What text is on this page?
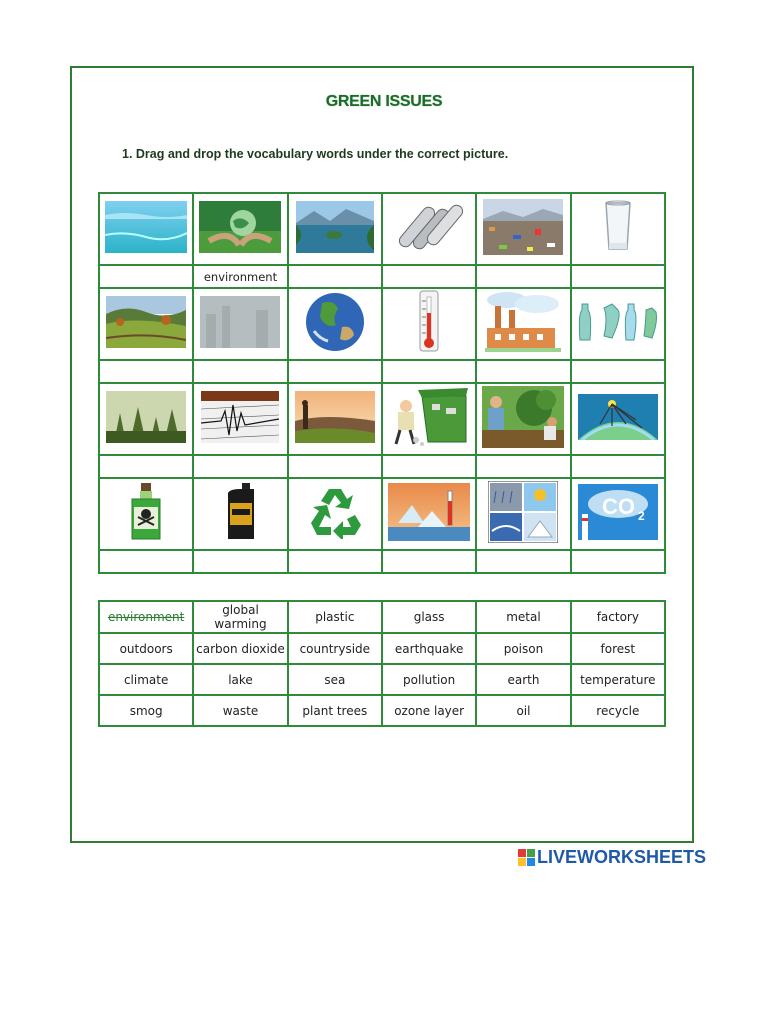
GREEN ISSUES
1. Drag and drop the vocabulary words under the correct picture.

	environment				

CO 2

environment	global warming	plastic	glass	metal	factory
outdoors	carbon dioxide	countryside	earthquake	poison	forest
climate	lake	sea	pollution	earth	temperature
smog	waste	plant trees	ozone layer	oil	recycle
LIVEWORKSHEETS
